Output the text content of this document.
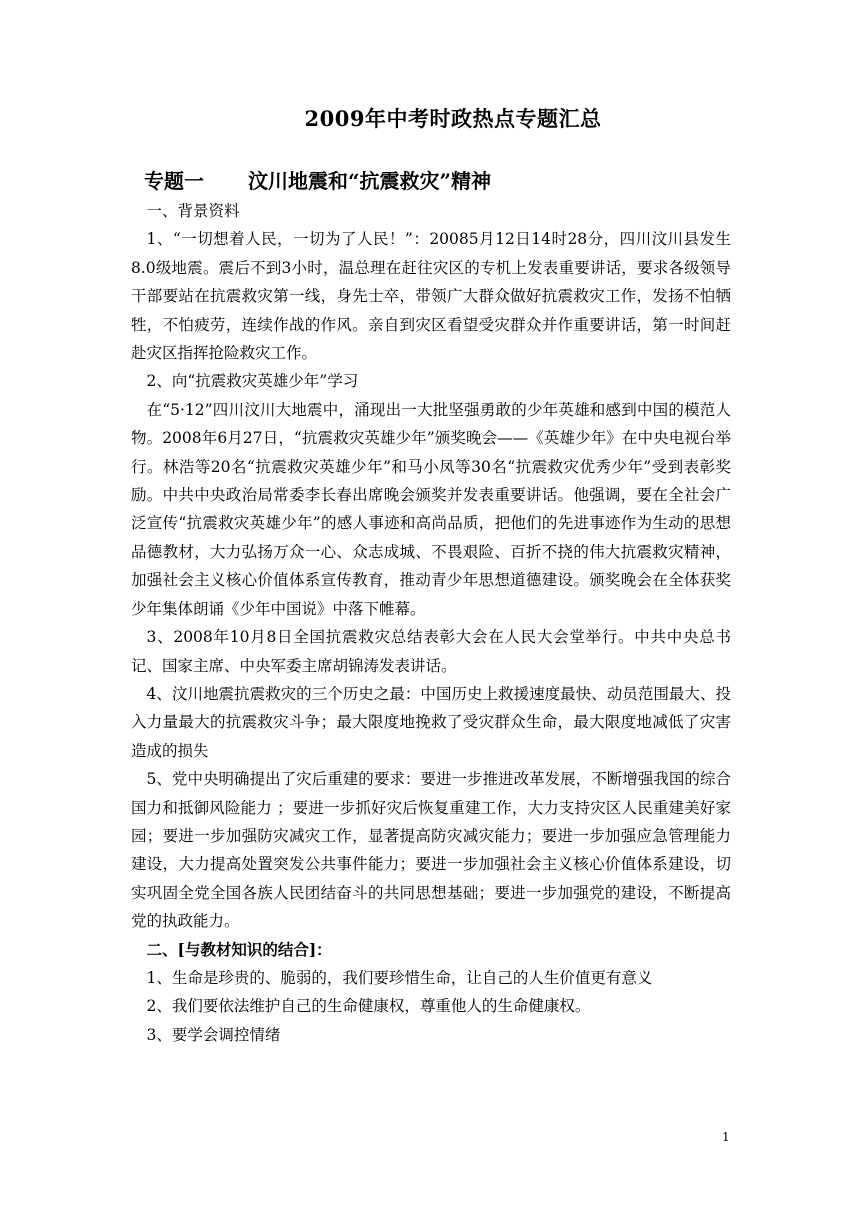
2009年中考时政热点专题汇总
专题一 汶川地震和“抗震救灾”精神

一、背景资料

1、“一切想着人民，一切为了人民！”：20085月12日14时28分，四川汶川县发生8.0级地震。震后不到3小时，温总理在赶往灾区的专机上发表重要讲话，要求各级领导干部要站在抗震救灾第一线，身先士卒，带领广大群众做好抗震救灾工作，发扬不怕牺牲，不怕疲劳，连续作战的作风。亲自到灾区看望受灾群众并作重要讲话，第一时间赶赴灾区指挥抢险救灾工作。

2、向“抗震救灾英雄少年”学习

在“5·12”四川汶川大地震中，涌现出一大批坚强勇敢的少年英雄和感到中国的模范人物。2008年6月27日，“抗震救灾英雄少年”颁奖晚会——《英雄少年》在中央电视台举行。林浩等20名“抗震救灾英雄少年”和马小凤等30名“抗震救灾优秀少年”受到表彰奖励。中共中央政治局常委李长春出席晚会颁奖并发表重要讲话。他强调，要在全社会广泛宣传“抗震救灾英雄少年”的感人事迹和高尚品质，把他们的先进事迹作为生动的思想品德教材，大力弘扬万众一心、众志成城、不畏艰险、百折不挠的伟大抗震救灾精神，加强社会主义核心价值体系宣传教育，推动青少年思想道德建设。颁奖晚会在全体获奖少年集体朗诵《少年中国说》中落下帷幕。

3、2008年10月8日全国抗震救灾总结表彰大会在人民大会堂举行。中共中央总书记、国家主席、中央军委主席胡锦涛发表讲话。

4、汶川地震抗震救灾的三个历史之最：中国历史上救援速度最快、动员范围最大、投入力量最大的抗震救灾斗争；最大限度地挽救了受灾群众生命，最大限度地减低了灾害造成的损失

5、党中央明确提出了灾后重建的要求：要进一步推进改革发展，不断增强我国的综合国力和抵御风险能力 ；要进一步抓好灾后恢复重建工作，大力支持灾区人民重建美好家园；要进一步加强防灾减灾工作，显著提高防灾减灾能力；要进一步加强应急管理能力建设，大力提高处置突发公共事件能力；要进一步加强社会主义核心价值体系建设，切实巩固全党全国各族人民团结奋斗的共同思想基础；要进一步加强党的建设，不断提高党的执政能力。

二、[与教材知识的结合]：

1、生命是珍贵的、脆弱的，我们要珍惜生命，让自己的人生价值更有意义

2、我们要依法维护自己的生命健康权，尊重他人的生命健康权。

3、要学会调控情绪

1
